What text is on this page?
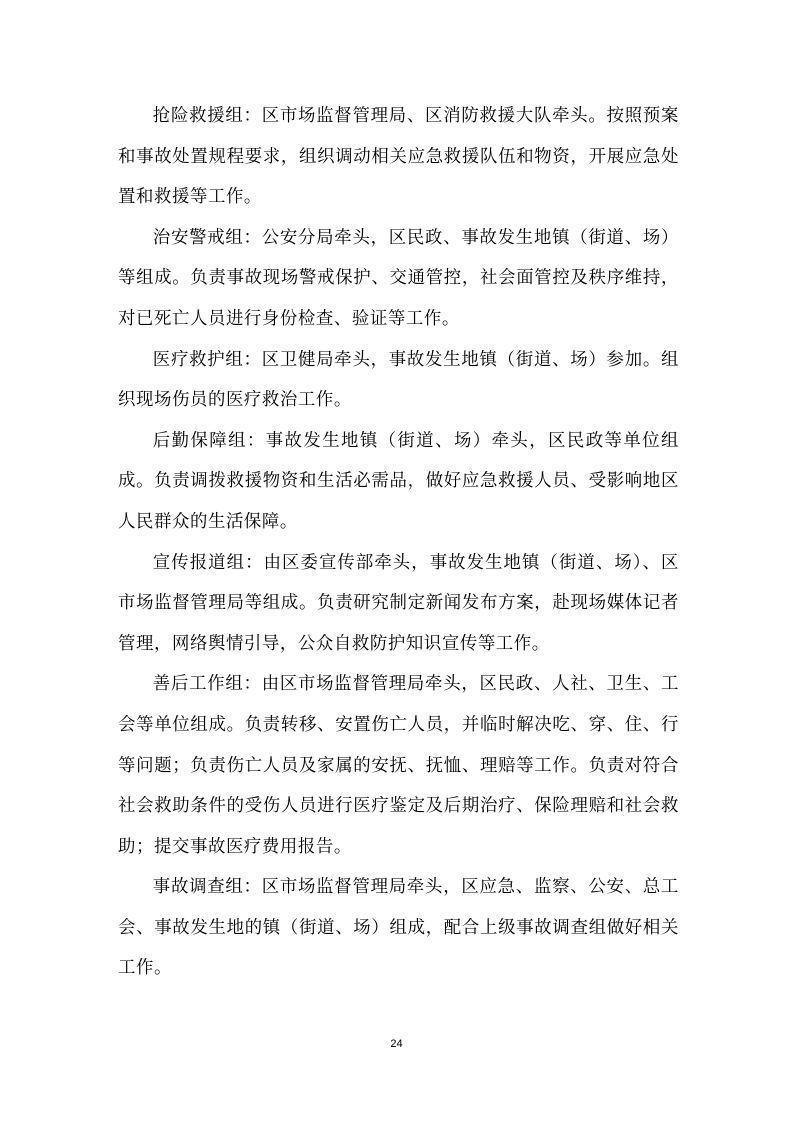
抢险救援组：区市场监督管理局、区消防救援大队牵头。按照预案和事故处置规程要求，组织调动相关应急救援队伍和物资，开展应急处置和救援等工作。

治安警戒组：公安分局牵头，区民政、事故发生地镇（街道、场）等组成。负责事故现场警戒保护、交通管控，社会面管控及秩序维持，对已死亡人员进行身份检查、验证等工作。

医疗救护组：区卫健局牵头，事故发生地镇（街道、场）参加。组织现场伤员的医疗救治工作。

后勤保障组：事故发生地镇（街道、场）牵头，区民政等单位组成。负责调拨救援物资和生活必需品，做好应急救援人员、受影响地区人民群众的生活保障。

宣传报道组：由区委宣传部牵头，事故发生地镇（街道、场）、区市场监督管理局等组成。负责研究制定新闻发布方案，赴现场媒体记者管理，网络舆情引导，公众自救防护知识宣传等工作。

善后工作组：由区市场监督管理局牵头，区民政、人社、卫生、工会等单位组成。负责转移、安置伤亡人员，并临时解决吃、穿、住、行等问题；负责伤亡人员及家属的安抚、抚恤、理赔等工作。负责对符合社会救助条件的受伤人员进行医疗鉴定及后期治疗、保险理赔和社会救助；提交事故医疗费用报告。

事故调查组：区市场监督管理局牵头，区应急、监察、公安、总工会、事故发生地的镇（街道、场）组成，配合上级事故调查组做好相关工作。

24
